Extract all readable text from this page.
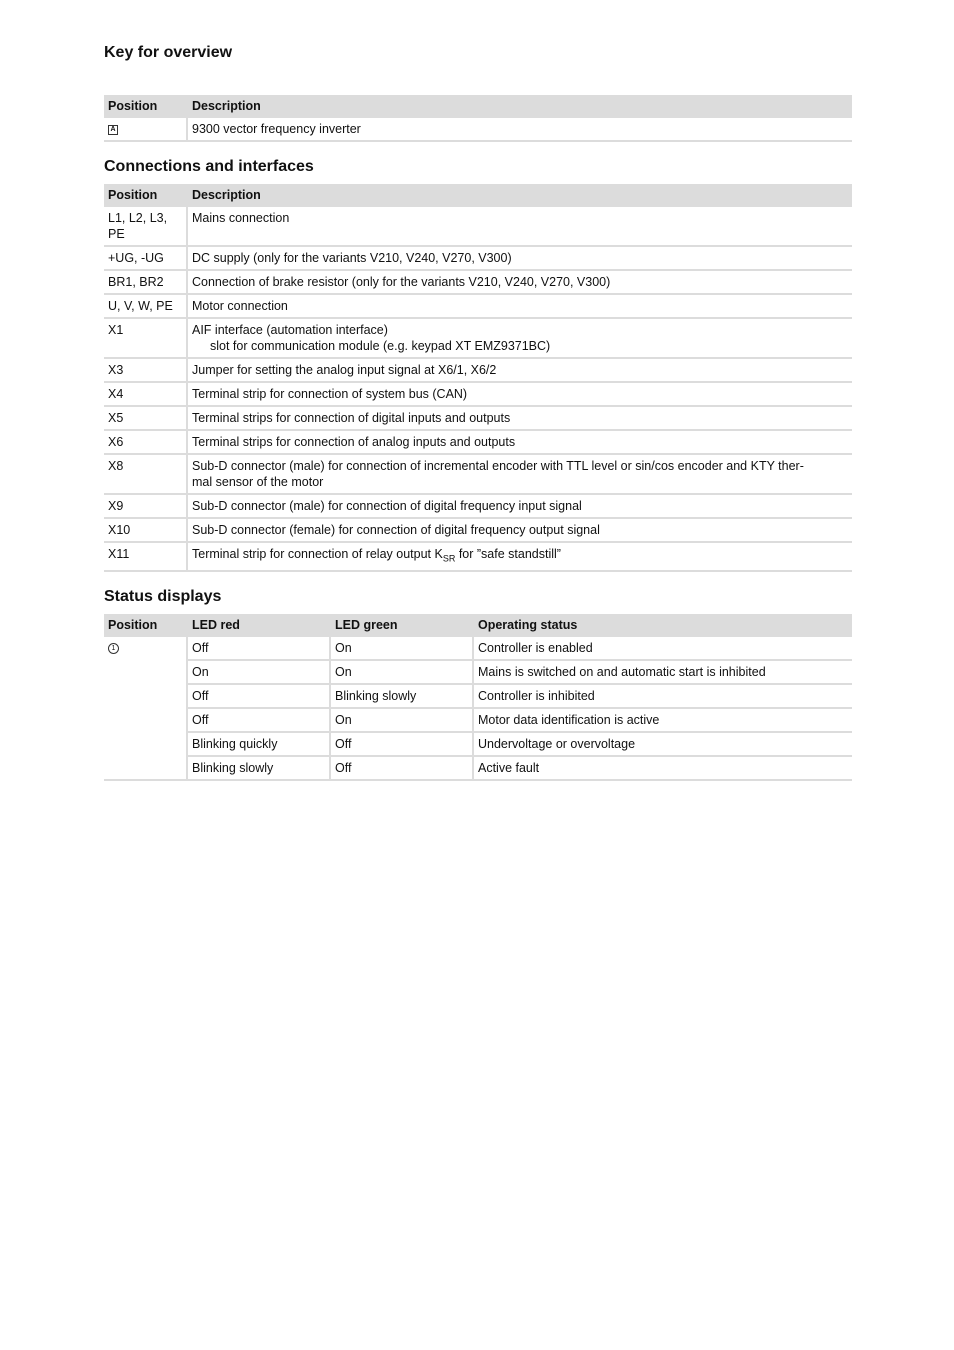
Key for overview
Position	Description
A	9300 vector frequency inverter
Connections and interfaces
Position	Description
L1, L2, L3, PE	Mains connection
+UG, -UG	DC supply (only for the variants V210, V240, V270, V300)
BR1, BR2	Connection of brake resistor (only for the variants V210, V240, V270, V300)
U, V, W, PE	Motor connection
X1	AIF interface (automation interface)
slot for communication module (e.g. keypad XT EMZ9371BC)

X3	Jumper for setting the analog input signal at X6/1, X6/2
X4	Terminal strip for connection of system bus (CAN)
X5	Terminal strips for connection of digital inputs and outputs
X6	Terminal strips for connection of analog inputs and outputs
X8	Sub-D connector (male) for connection of incremental encoder with TTL level or sin/cos encoder and KTY ther-
mal sensor of the motor

X9	Sub-D connector (male) for connection of digital frequency input signal
X10	Sub-D connector (female) for connection of digital frequency output signal
X11	Terminal strip for connection of relay output $K_{SR}$ for ”safe standstill”
Status displays
Position	LED red	LED green	Operating status
1	Off	On	Controller is enabled
	On	On	Mains is switched on and automatic start is inhibited
	Off	Blinking slowly	Controller is inhibited
	Off	On	Motor data identification is active
	Blinking quickly	Off	Undervoltage or overvoltage
	Blinking slowly	Off	Active fault
